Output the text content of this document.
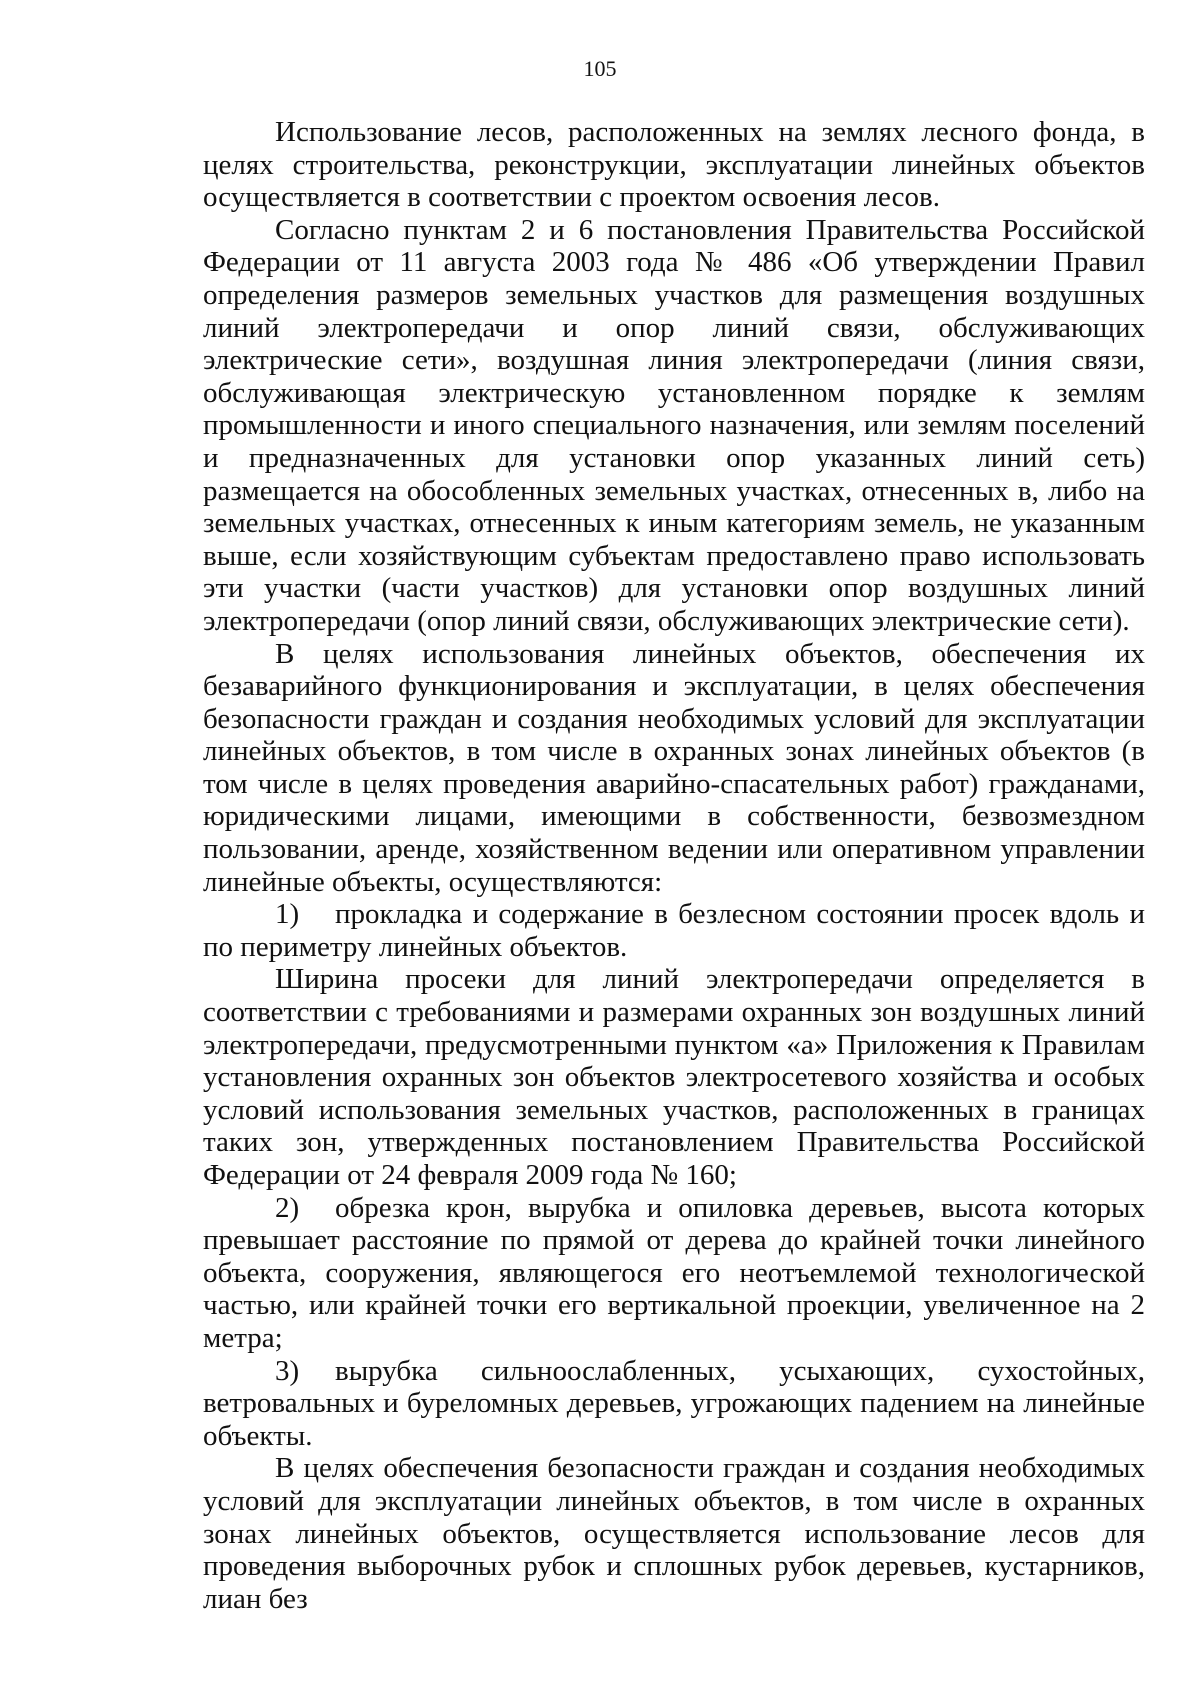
105

Использование лесов, расположенных на землях лесного фонда, в целях строительства, реконструкции, эксплуатации линейных объектов осуществляется в соответствии с проектом освоения лесов.

Согласно пунктам 2 и 6 постановления Правительства Российской Федерации от 11 августа 2003 года № 486 «Об утверждении Правил определения размеров земельных участков для размещения воздушных линий электропередачи и опор линий связи, обслуживающих электрические сети», воздушная линия электропередачи (линия связи, обслуживающая электрическую установленном порядке к землям промышленности и иного специального назначения, или землям поселений и предназначенных для установки опор указанных линий сеть) размещается на обособленных земельных участках, отнесенных в, либо на земельных участках, отнесенных к иным категориям земель, не указанным выше, если хозяйствующим субъектам предоставлено право использовать эти участки (части участков) для установки опор воздушных линий электропередачи (опор линий связи, обслуживающих электрические сети).

В целях использования линейных объектов, обеспечения их безаварийного функционирования и эксплуатации, в целях обеспечения безопасности граждан и создания необходимых условий для эксплуатации линейных объектов, в том числе в охранных зонах линейных объектов (в том числе в целях проведения аварийно-спасательных работ) гражданами, юридическими лицами, имеющими в собственности, безвозмездном пользовании, аренде, хозяйственном ведении или оперативном управлении линейные объекты, осуществляются:

1) прокладка и содержание в безлесном состоянии просек вдоль и по периметру линейных объектов.

Ширина просеки для линий электропередачи определяется в соответствии с требованиями и размерами охранных зон воздушных линий электропередачи, предусмотренными пунктом «а» Приложения к Правилам установления охранных зон объектов электросетевого хозяйства и особых условий использования земельных участков, расположенных в границах таких зон, утвержденных постановлением Правительства Российской Федерации от 24 февраля 2009 года № 160;

2) обрезка крон, вырубка и опиловка деревьев, высота которых превышает расстояние по прямой от дерева до крайней точки линейного объекта, сооружения, являющегося его неотъемлемой технологической частью, или крайней точки его вертикальной проекции, увеличенное на 2 метра;

3) вырубка сильноослабленных, усыхающих, сухостойных, ветровальных и буреломных деревьев, угрожающих падением на линейные объекты.

В целях обеспечения безопасности граждан и создания необходимых условий для эксплуатации линейных объектов, в том числе в охранных зонах линейных объектов, осуществляется использование лесов для проведения выборочных рубок и сплошных рубок деревьев, кустарников, лиан без
